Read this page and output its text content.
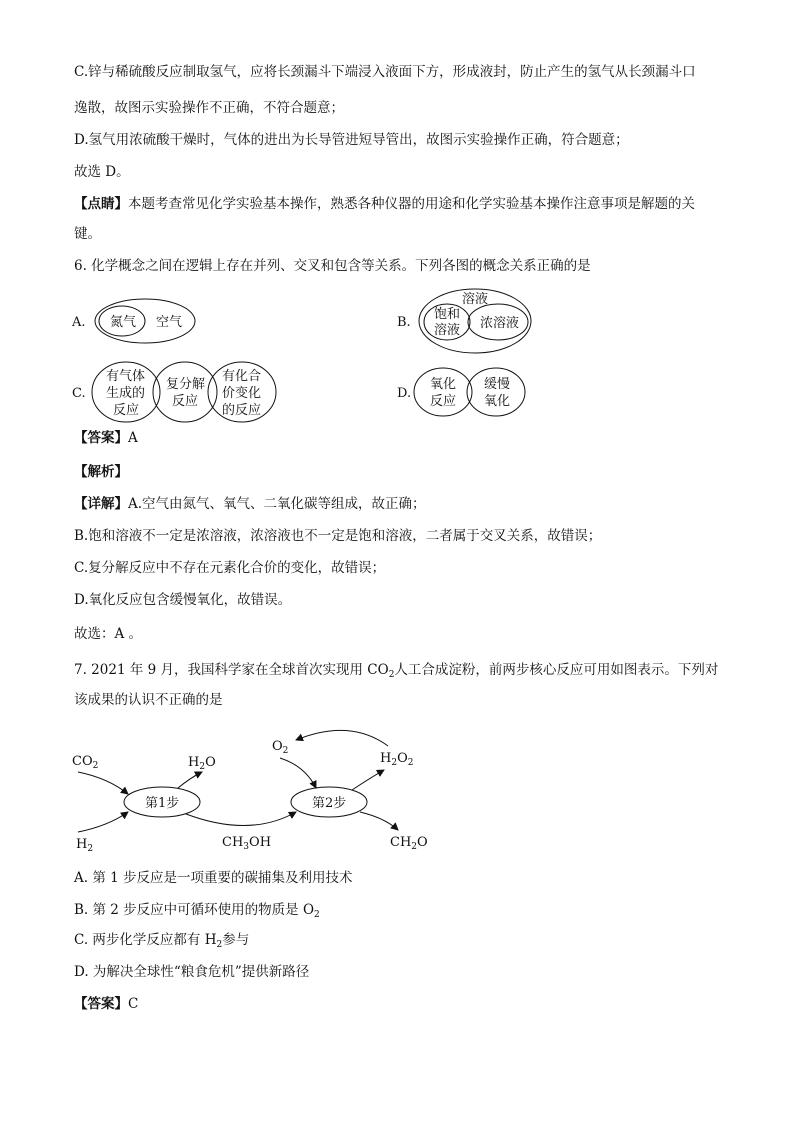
C.锌与稀硫酸反应制取氢气，应将长颈漏斗下端浸入液面下方，形成液封，防止产生的氢气从长颈漏斗口
逸散，故图示实验操作不正确，不符合题意；
D.氢气用浓硫酸干燥时，气体的进出为长导管进短导管出，故图示实验操作正确，符合题意；
故选 D。
【点睛】本题考查常见化学实验基本操作，熟悉各种仪器的用途和化学实验基本操作注意事项是解题的关
键。
6. 化学概念之间在逻辑上存在并列、交叉和包含等关系。下列各图的概念关系正确的是
A. 氮气 空气	B.
溶液
饱和
溶液 浓溶液
C.
有气体
生成的
反应
复分解
反应
有化合
价变化
的反应
D.
氧化
反应
缓慢
氧化
【答案】A
【解析】
【详解】A.空气由氮气、氧气、二氧化碳等组成，故正确；
B.饱和溶液不一定是浓溶液，浓溶液也不一定是饱和溶液，二者属于交叉关系，故错误；
C.复分解反应中不存在元素化合价的变化，故错误；
D.氧化反应包含缓慢氧化，故错误。
故选：A 。
7. 2021 年 9 月，我国科学家在全球首次实现用 $CO_2$人工合成淀粉，前两步核心反应可用如图表示。下列对
该成果的认识不正确的是
$CO_2$
$H_2$
$H_2O$
$O_2$	$H_2O_2$
$CH_3OH$	$CH_2O$
第1步	第2步
A. 第 1 步反应是一项重要的碳捕集及利用技术
B. 第 2 步反应中可循环使用的物质是 $O_2$
C. 两步化学反应都有 $H_2$参与
D. 为解决全球性“粮食危机”提供新路径
【答案】C
